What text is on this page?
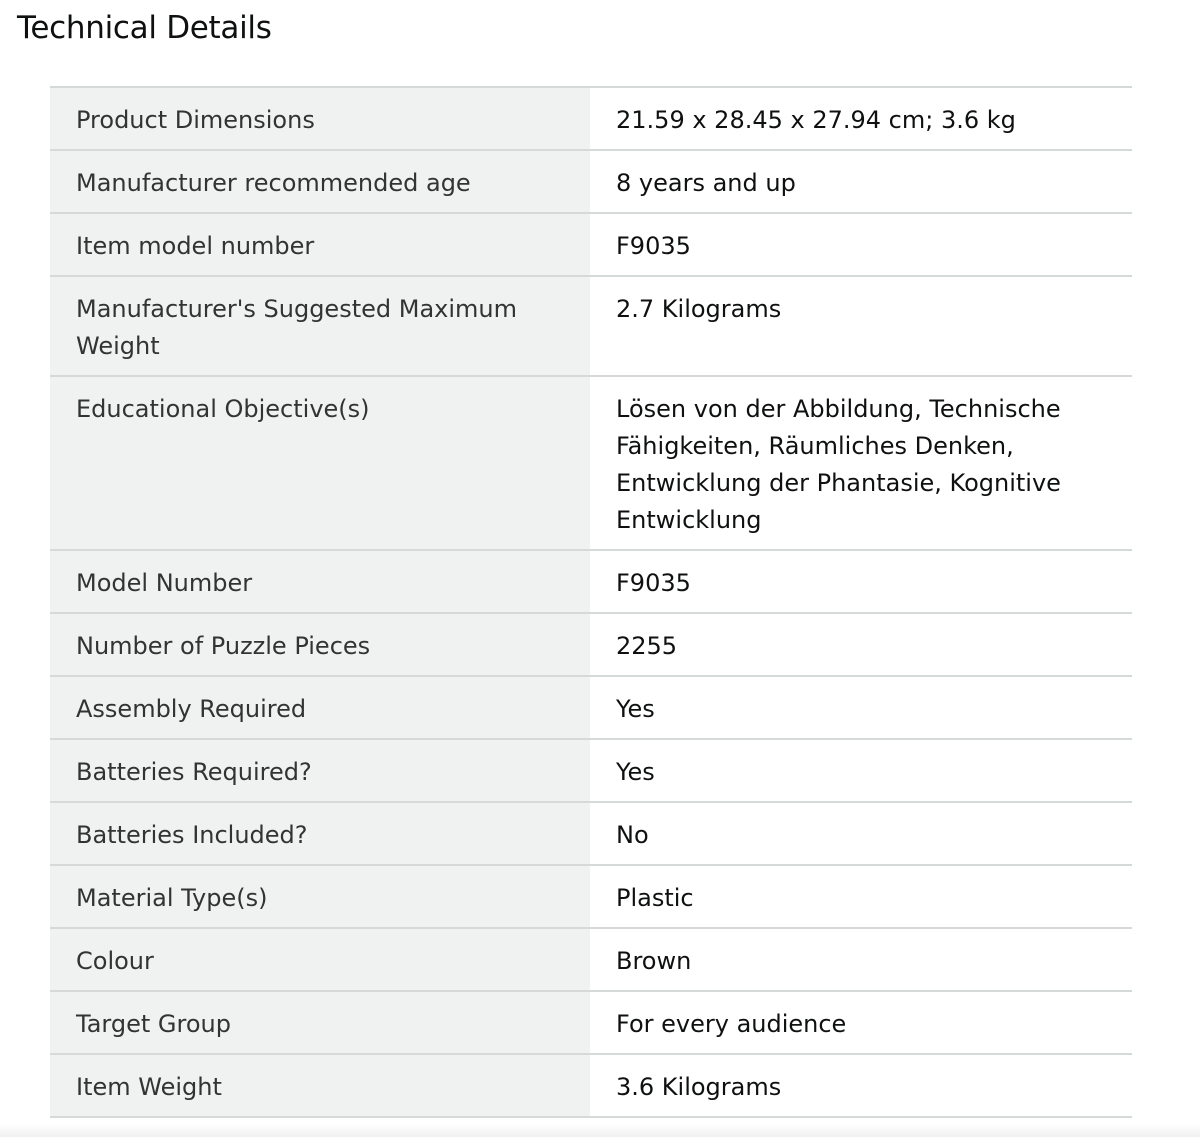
Technical Details
Product Dimensions	21.59 x 28.45 x 27.94 cm; 3.6 kg
Manufacturer recommended age	8 years and up
Item model number	F9035
Manufacturer's Suggested Maximum Weight	2.7 Kilograms
Educational Objective(s)	Lösen von der Abbildung, Technische Fähigkeiten, Räumliches Denken, Entwicklung der Phantasie, Kognitive Entwicklung
Model Number	F9035
Number of Puzzle Pieces	2255
Assembly Required	Yes
Batteries Required?	Yes
Batteries Included?	No
Material Type(s)	Plastic
Colour	Brown
Target Group	For every audience
Item Weight	3.6 Kilograms
